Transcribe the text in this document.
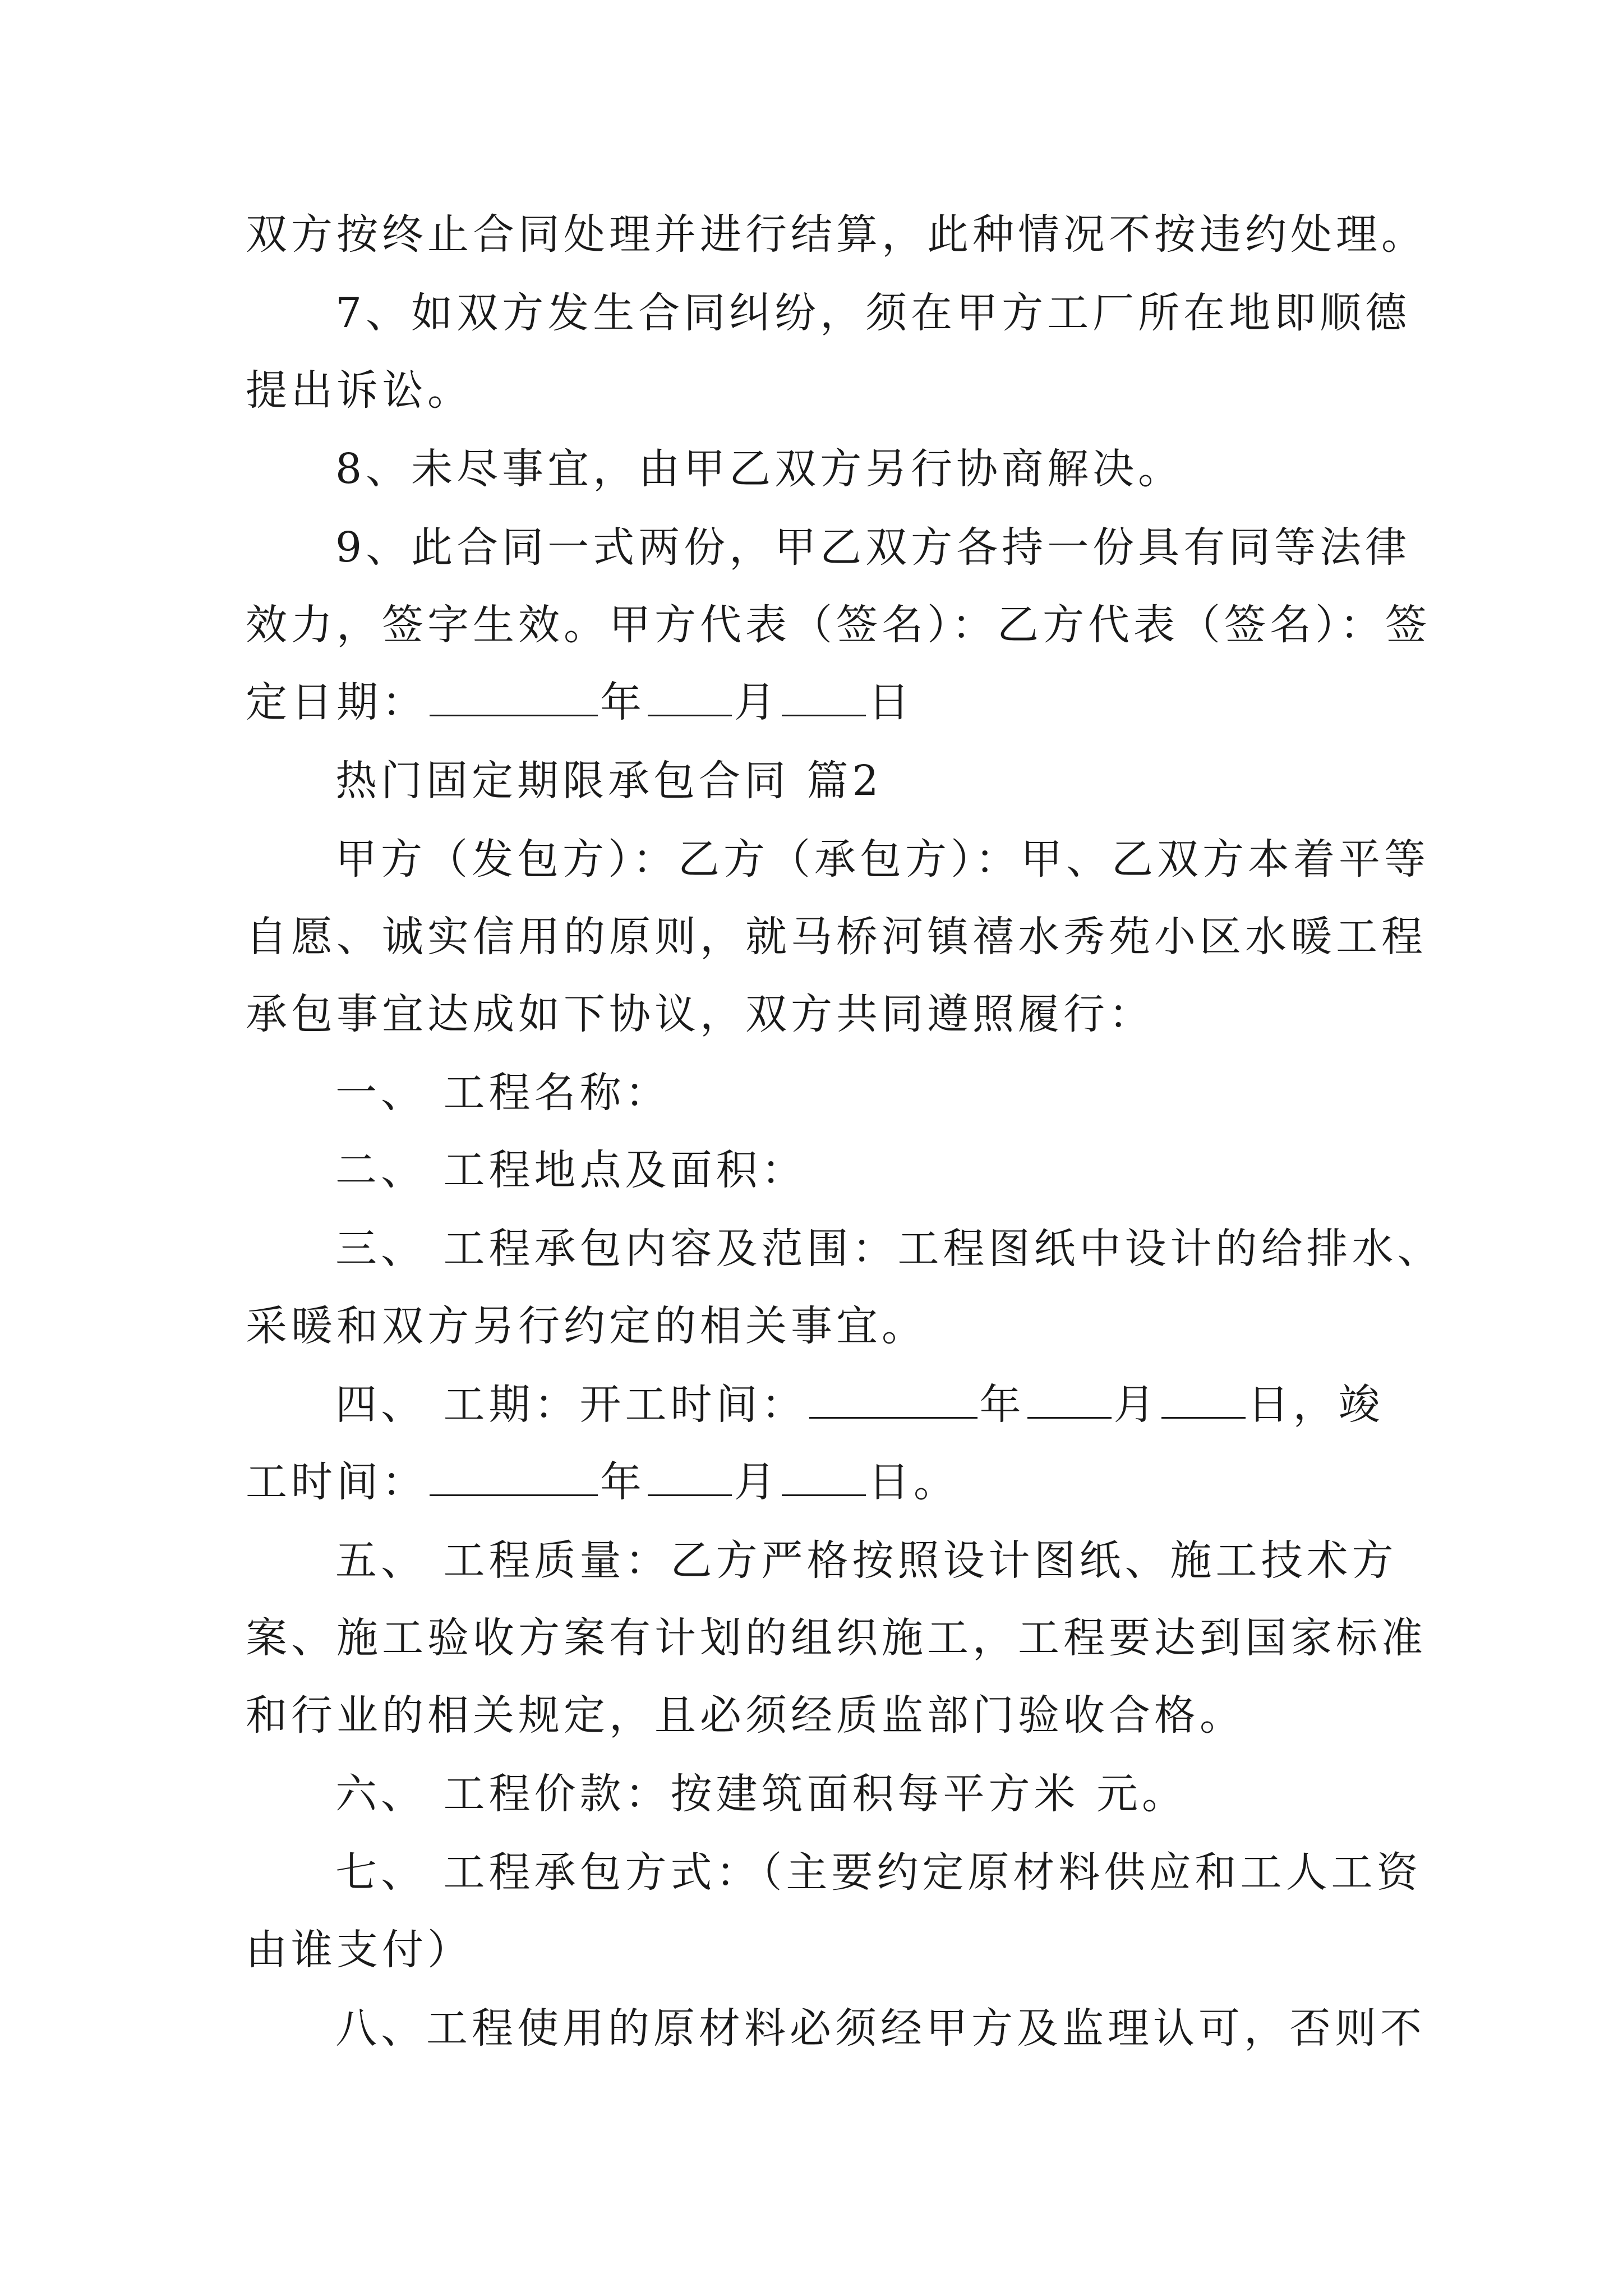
双方按终止合同处理并进行结算，此种情况不按违约处理。

7、如双方发生合同纠纷，须在甲方工厂所在地即顺德

提出诉讼。

8、未尽事宜，由甲乙双方另行协商解决。

9、此合同一式两份，甲乙双方各持一份具有同等法律

效力，签字生效。甲方代表（签名）：乙方代表（签名）：签

定日期：	年 月 日

热门固定期限承包合同 篇2

甲方（发包方）：乙方（承包方）：甲、乙双方本着平等

自愿、诚实信用的原则，就马桥河镇禧水秀苑小区水暖工程

承包事宜达成如下协议，双方共同遵照履行：

一、 工程名称：

二、 工程地点及面积：

三、 工程承包内容及范围：工程图纸中设计的给排水、

采暖和双方另行约定的相关事宜。

四、 工期：开工时间：	年 月 日，竣

工时间：	年 月 日。

五、 工程质量：乙方严格按照设计图纸、施工技术方

案、施工验收方案有计划的组织施工，工程要达到国家标准

和行业的相关规定，且必须经质监部门验收合格。

六、 工程价款：按建筑面积每平方米 元。

七、 工程承包方式：（主要约定原材料供应和工人工资

由谁支付）

八、工程使用的原材料必须经甲方及监理认可，否则不
